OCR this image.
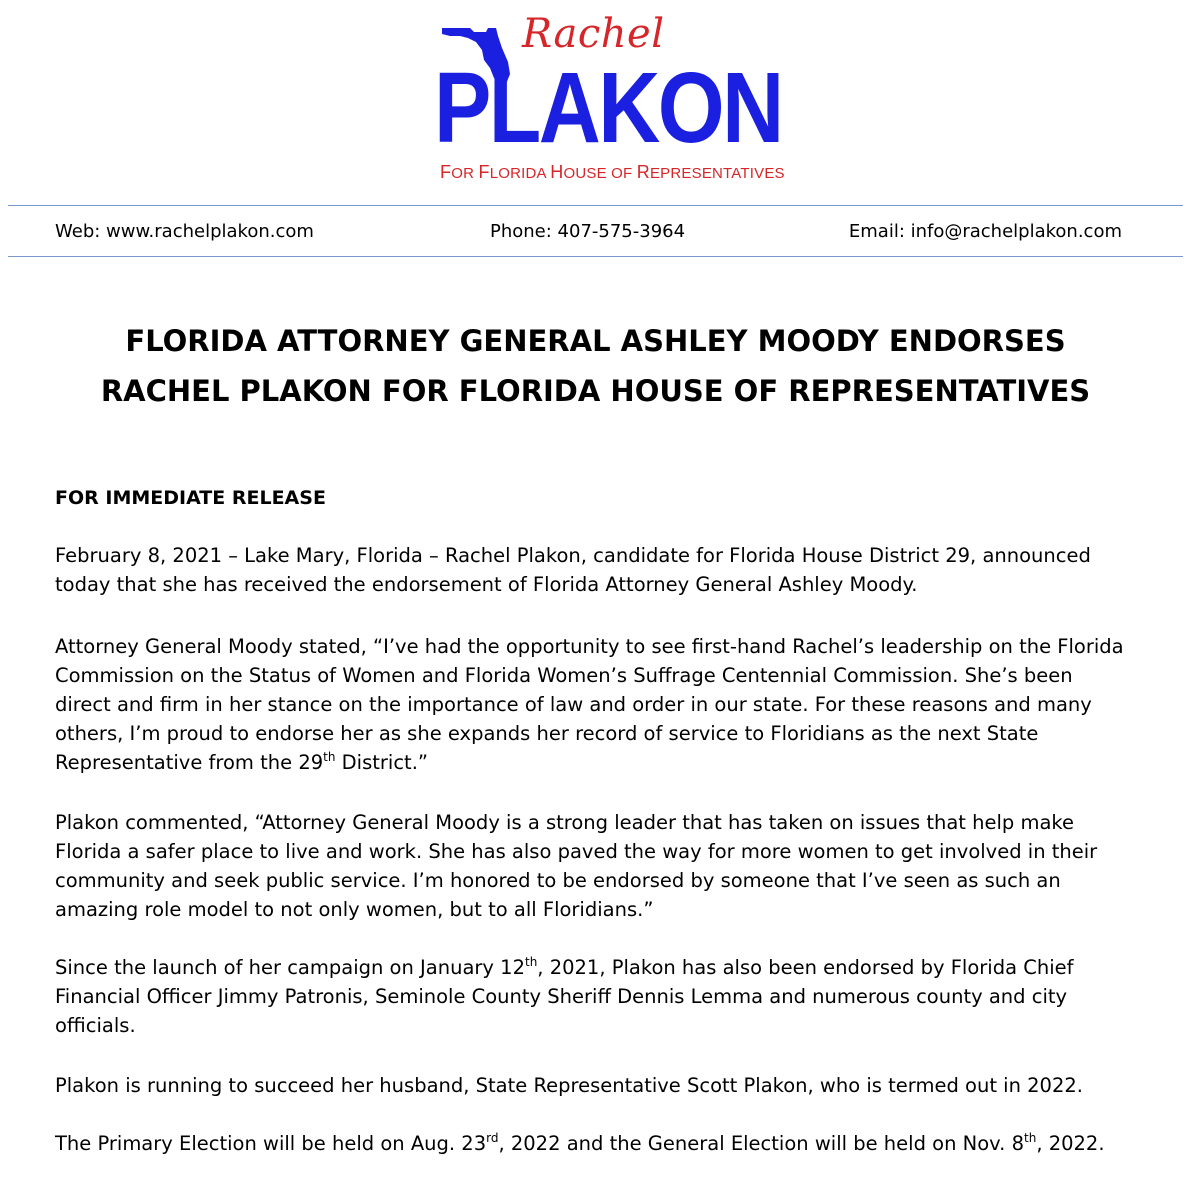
Rachel
PLAKON
FOR FLORIDA HOUSE OF REPRESENTATIVES
Web: www.rachelplakon.com	Phone: 407-575-3964	Email: info@rachelplakon.com
FLORIDA ATTORNEY GENERAL ASHLEY MOODY ENDORSES
RACHEL PLAKON FOR FLORIDA HOUSE OF REPRESENTATIVES
FOR IMMEDIATE RELEASE
February 8, 2021 – Lake Mary, Florida – Rachel Plakon, candidate for Florida House District 29, announced
today that she has received the endorsement of Florida Attorney General Ashley Moody.
Attorney General Moody stated, “I’ve had the opportunity to see first-hand Rachel’s leadership on the Florida
Commission on the Status of Women and Florida Women’s Suffrage Centennial Commission. She’s been
direct and firm in her stance on the importance of law and order in our state. For these reasons and many
others, I’m proud to endorse her as she expands her record of service to Floridians as the next State
Representative from the 29th District.”
Plakon commented, “Attorney General Moody is a strong leader that has taken on issues that help make
Florida a safer place to live and work. She has also paved the way for more women to get involved in their
community and seek public service. I’m honored to be endorsed by someone that I’ve seen as such an
amazing role model to not only women, but to all Floridians.”
Since the launch of her campaign on January 12th, 2021, Plakon has also been endorsed by Florida Chief
Financial Officer Jimmy Patronis, Seminole County Sheriff Dennis Lemma and numerous county and city
officials.
Plakon is running to succeed her husband, State Representative Scott Plakon, who is termed out in 2022.
The Primary Election will be held on Aug. 23rd, 2022 and the General Election will be held on Nov. 8th, 2022.
